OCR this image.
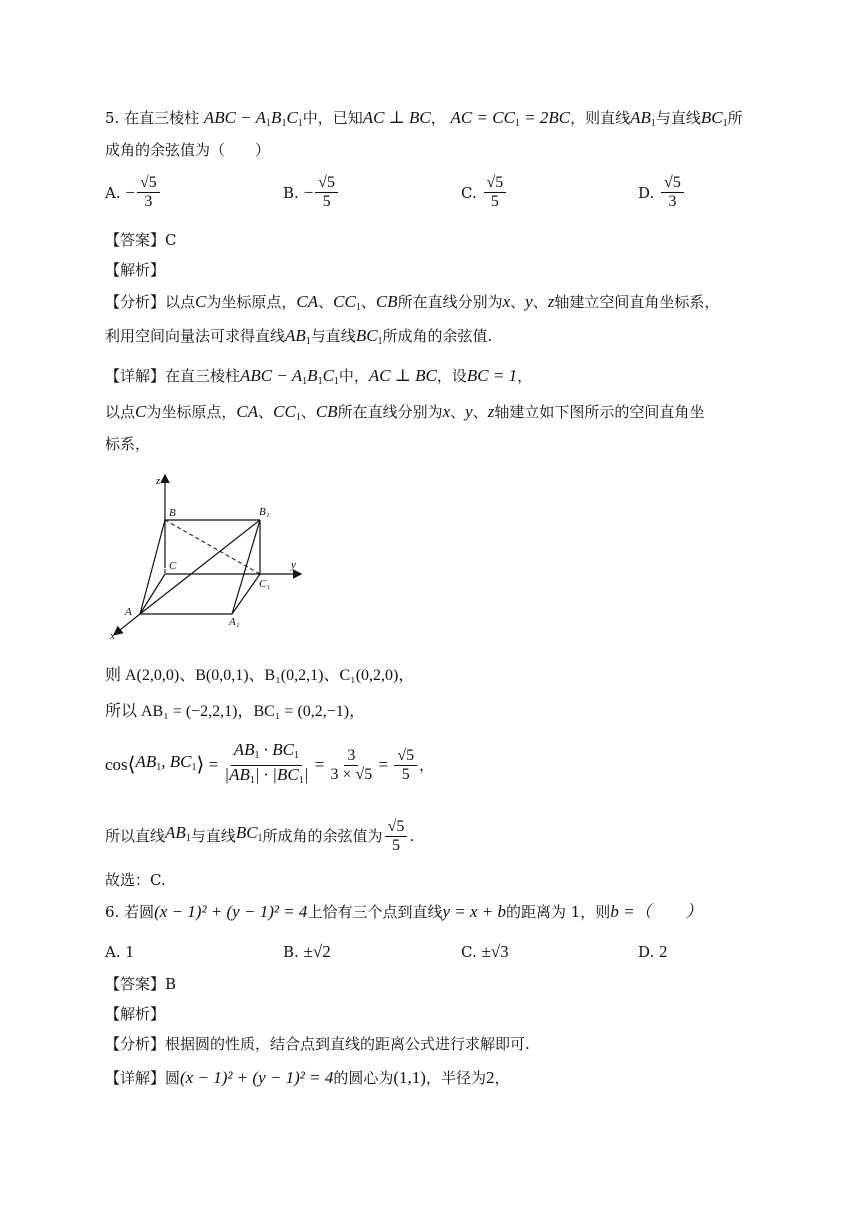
5. 在直三棱柱 ABC − $A_1B_1C_1$中，已知AC ⊥ BC， AC = $CC_1 = 2BC$，则直线$AB_1$与直线$BC_1$所
成角的余弦值为（　　）
A.
− $\frac{√5}{3}$	B.
− $\frac{√5}{5}$	C.
$\frac{√5}{5}$	D.
$\frac{√5}{3}$
【答案】C
【解析】
【分析】以点C为坐标原点，CA、$CC_1$、CB所在直线分别为x、y、z轴建立空间直角坐标系，
利用空间向量法可求得直线$AB_1$与直线$BC_1$所成角的余弦值.
【详解】在直三棱柱ABC − $A_1B_1C_1$中，AC ⊥ BC，设BC = 1，
以点C为坐标原点，CA、$CC_1$、CB所在直线分别为x、y、z轴建立如下图所示的空间直角坐
标系，
z
B	B₁
C	y
C₁
A
A₁
x
则 A(2,0,0)、B(0,0,1)、B₁(0,2,1)、C₁(0,2,0)，
所以 AB₁ = (−2,2,1)，BC₁ = (0,2,−1)，
cos ⟨ $AB_1$, $BC_1$ ⟩ = $\frac{AB_1 \cdot BC_1}{|AB_1| \cdot |BC_1|} = \frac{3}{3 \times √5} = \frac{√5}{5}$ ，
所以直线 $AB_1$ 与直线 $BC_1$ 所成角的余弦值为 $\frac{√5}{5}$ .
故选：C.
6. 若圆(x − 1)² + (y − 1)² = 4上恰有三个点到直线y = x + b的距离为 1，则b =（　　）
A.
1	B.
±√2	C.
±√3	D.
2
【答案】B
【解析】
【分析】根据圆的性质，结合点到直线的距离公式进行求解即可.
【详解】圆(x − 1)² + (y − 1)² = 4的圆心为(1,1)，半径为2，
